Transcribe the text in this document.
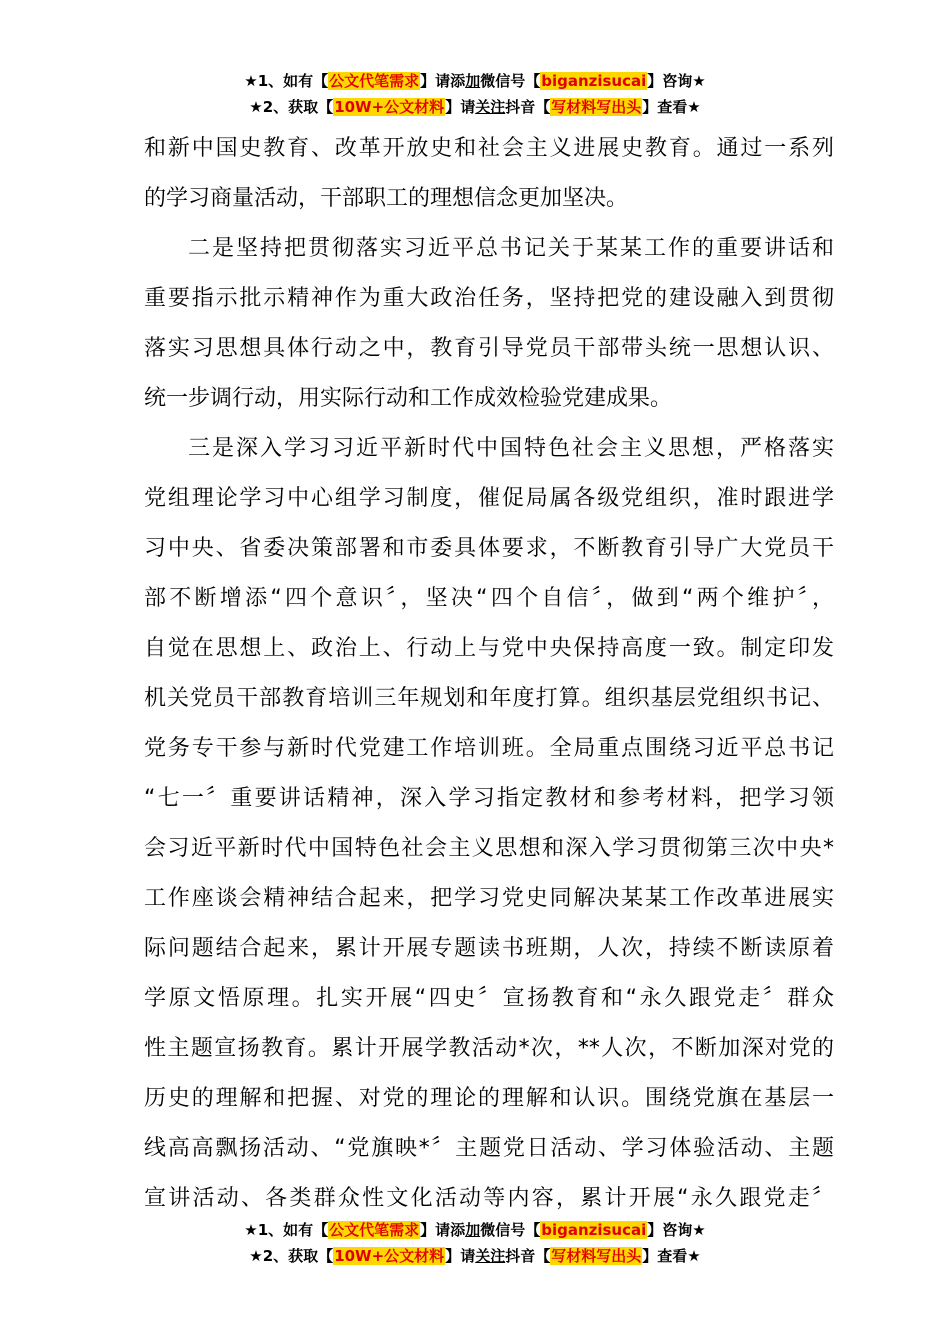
★1、如有【公文代笔需求】请添加微信号【biganzisucai】咨询★
★2、获取【10W+公文材料】请关注抖音【写材料写出头】查看★
和新中国史教育、改革开放史和社会主义进展史教育。通过一系列
的学习商量活动，干部职工的理想信念更加坚决。
二是坚持把贯彻落实习近平总书记关于某某工作的重要讲话和
重要指示批示精神作为重大政治任务，坚持把党的建设融入到贯彻
落实习思想具体行动之中，教育引导党员干部带头统一思想认识、
统一步调行动，用实际行动和工作成效检验党建成果。
三是深入学习习近平新时代中国特色社会主义思想，严格落实
党组理论学习中心组学习制度，催促局属各级党组织，准时跟进学
习中央、省委决策部署和市委具体要求，不断教育引导广大党员干
部不断增添“四个意识〞，坚决“四个自信〞，做到“两个维护〞，
自觉在思想上、政治上、行动上与党中央保持高度一致。制定印发
机关党员干部教育培训三年规划和年度打算。组织基层党组织书记、
党务专干参与新时代党建工作培训班。全局重点围绕习近平总书记
“七一〞重要讲话精神，深入学习指定教材和参考材料，把学习领
会习近平新时代中国特色社会主义思想和深入学习贯彻第三次中央*
工作座谈会精神结合起来，把学习党史同解决某某工作改革进展实
际问题结合起来，累计开展专题读书班期，人次，持续不断读原着
学原文悟原理。扎实开展“四史〞宣扬教育和“永久跟党走〞群众
性主题宣扬教育。累计开展学教活动*次，**人次，不断加深对党的
历史的理解和把握、对党的理论的理解和认识。围绕党旗在基层一
线高高飘扬活动、“党旗映*〞主题党日活动、学习体验活动、主题
宣讲活动、各类群众性文化活动等内容，累计开展“永久跟党走〞
★1、如有【公文代笔需求】请添加微信号【biganzisucai】咨询★
★2、获取【10W+公文材料】请关注抖音【写材料写出头】查看★
